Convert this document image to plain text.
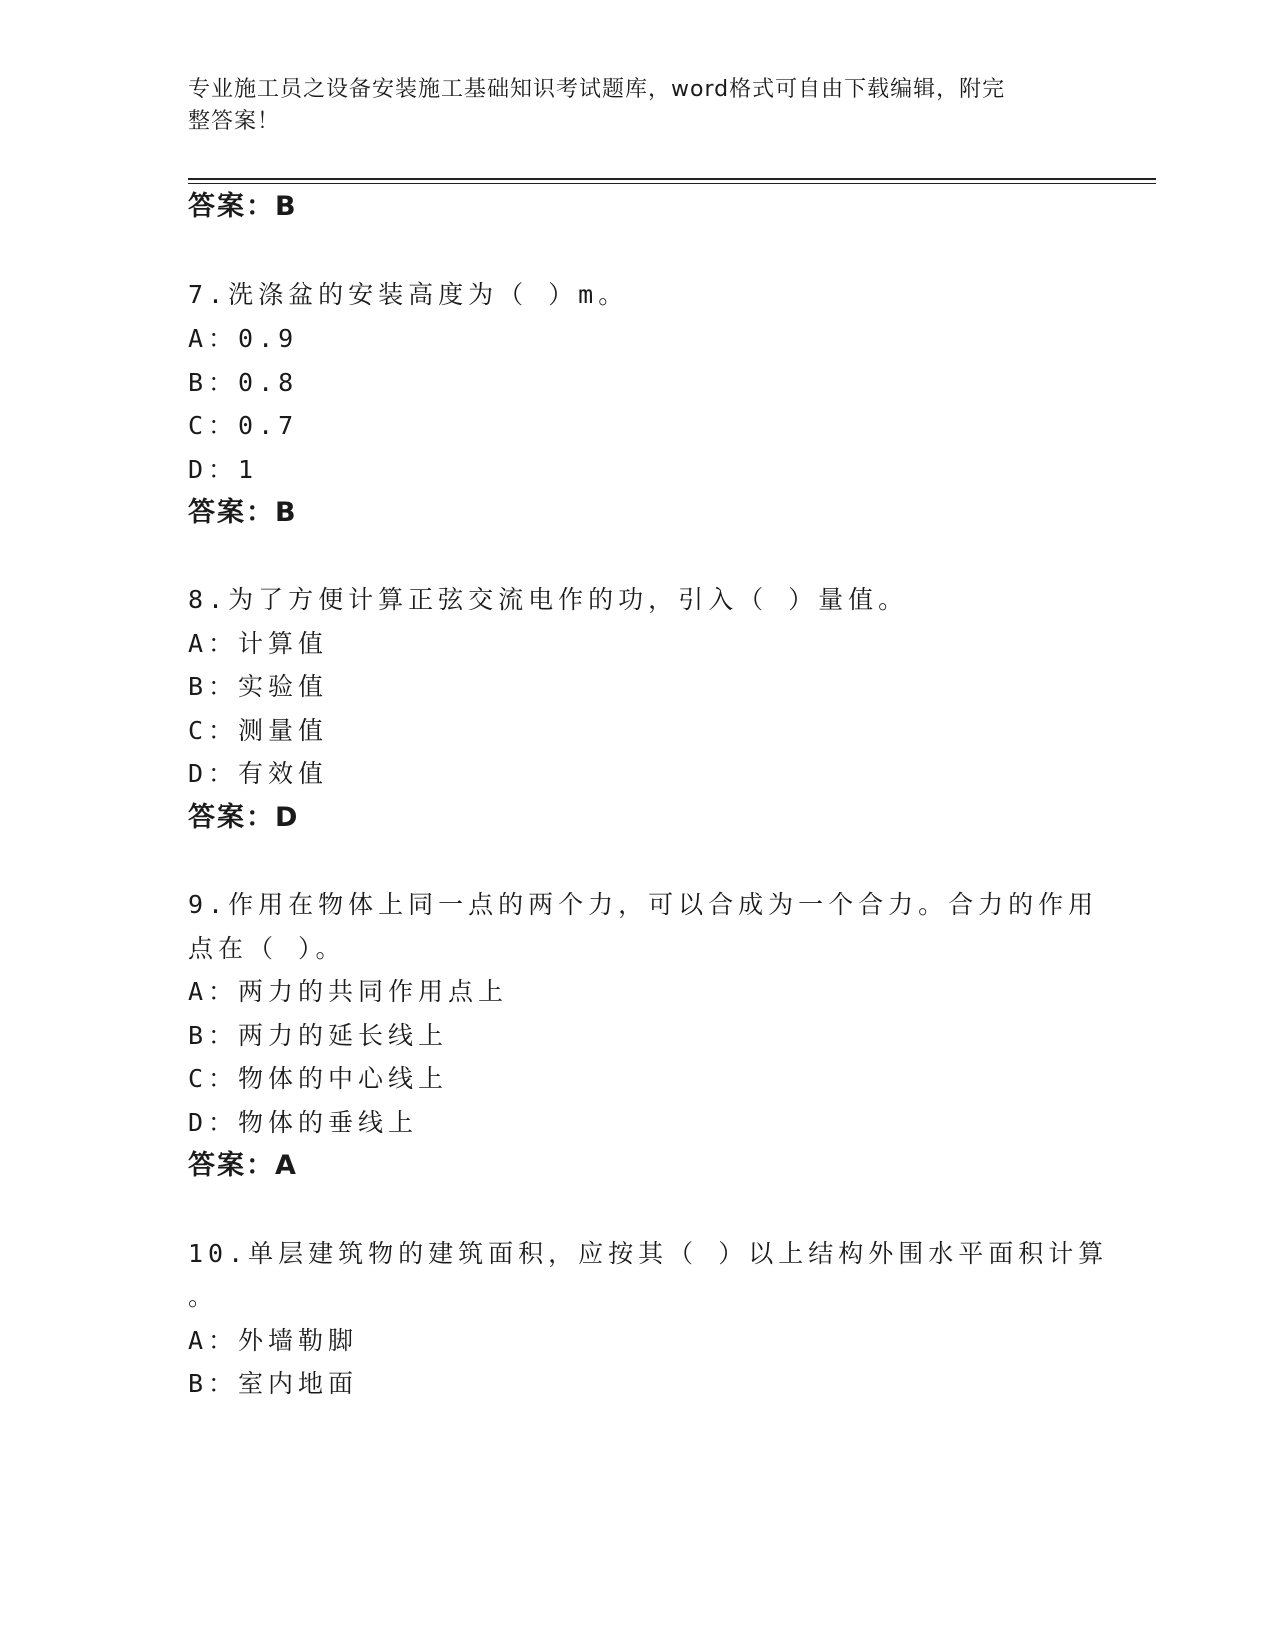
专业施工员之设备安装施工基础知识考试题库，word格式可自由下载编辑，附完
整答案！
答案：B
7.洗涤盆的安装高度为（ ）m。
A：0.9
B：0.8
C：0.7
D：1
答案：B
8.为了方便计算正弦交流电作的功，引入（ ）量值。
A：计算值
B：实验值
C：测量值
D：有效值
答案：D
9.作用在物体上同一点的两个力，可以合成为一个合力。合力的作用
点在（ ）。
A：两力的共同作用点上
B：两力的延长线上
C：物体的中心线上
D：物体的垂线上
答案：A
10.单层建筑物的建筑面积，应按其（ ）以上结构外围水平面积计算
。
A：外墙勒脚
B：室内地面
